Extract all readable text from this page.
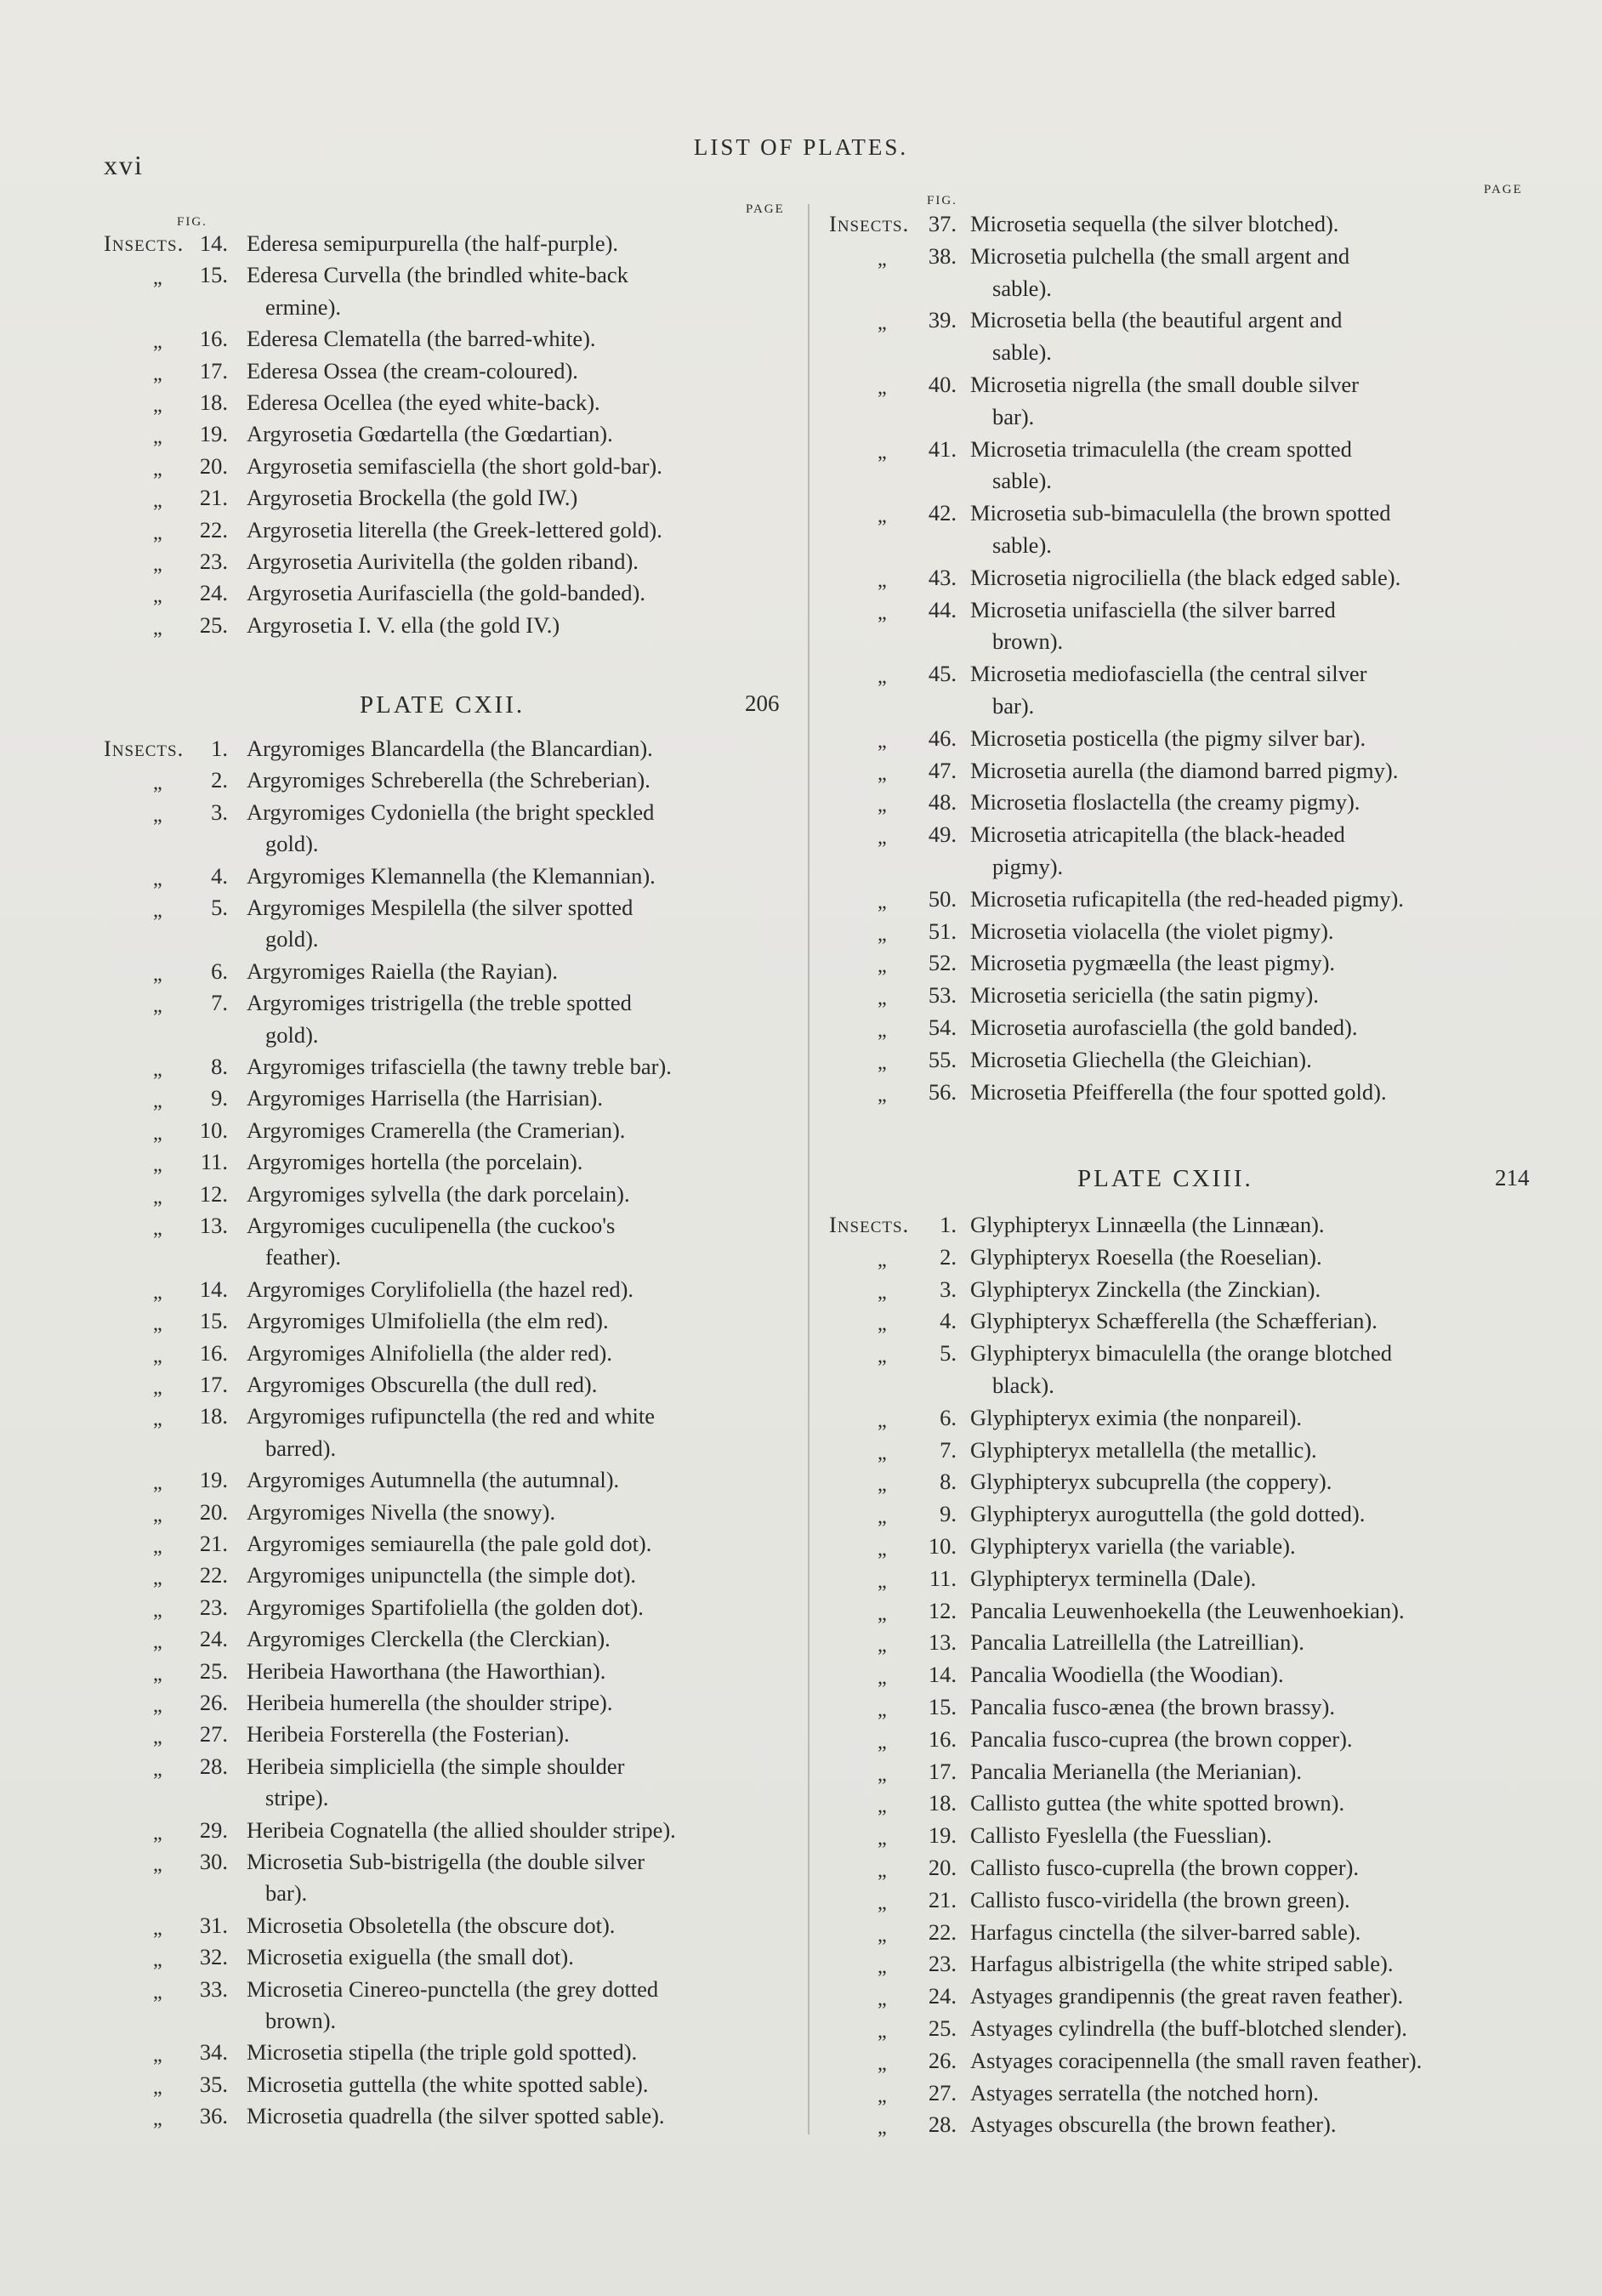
xvi
LIST OF PLATES.
FIG.
PAGE
Insects. 14. Ederesa semipurpurella (the half-purple).
„	15. Ederesa Curvella (the brindled white-back
ermine).
„	16. Ederesa Clematella (the barred-white).
„	17. Ederesa Ossea (the cream-coloured).
„	18. Ederesa Ocellea (the eyed white-back).
„	19. Argyrosetia Gœdartella (the Gœdartian).
„	20. Argyrosetia semifasciella (the short gold-bar).
„	21. Argyrosetia Brockella (the gold IW.)
„	22. Argyrosetia literella (the Greek-lettered gold).
„	23. Argyrosetia Aurivitella (the golden riband).
„	24. Argyrosetia Aurifasciella (the gold-banded).
„	25. Argyrosetia I. V. ella (the gold IV.)
PLATE CXII.	206
Insects.	1. Argyromiges Blancardella (the Blancardian).
„	2. Argyromiges Schreberella (the Schreberian).
„	3. Argyromiges Cydoniella (the bright speckled
gold).
„	4. Argyromiges Klemannella (the Klemannian).
„	5. Argyromiges Mespilella (the silver spotted
gold).
„	6. Argyromiges Raiella (the Rayian).
„	7. Argyromiges tristrigella (the treble spotted
gold).
„	8. Argyromiges trifasciella (the tawny treble bar).
„	9. Argyromiges Harrisella (the Harrisian).
„	10. Argyromiges Cramerella (the Cramerian).
„	11. Argyromiges hortella (the porcelain).
„	12. Argyromiges sylvella (the dark porcelain).
„	13. Argyromiges cuculipenella (the cuckoo's
feather).
„	14. Argyromiges Corylifoliella (the hazel red).
„	15. Argyromiges Ulmifoliella (the elm red).
„	16. Argyromiges Alnifoliella (the alder red).
„	17. Argyromiges Obscurella (the dull red).
„	18. Argyromiges rufipunctella (the red and white
barred).
„	19. Argyromiges Autumnella (the autumnal).
„	20. Argyromiges Nivella (the snowy).
„	21. Argyromiges semiaurella (the pale gold dot).
„	22. Argyromiges unipunctella (the simple dot).
„	23. Argyromiges Spartifoliella (the golden dot).
„	24. Argyromiges Clerckella (the Clerckian).
„	25. Heribeia Haworthana (the Haworthian).
„	26. Heribeia humerella (the shoulder stripe).
„	27. Heribeia Forsterella (the Fosterian).
„	28. Heribeia simpliciella (the simple shoulder
stripe).
„	29. Heribeia Cognatella (the allied shoulder stripe).
„	30. Microsetia Sub-bistrigella (the double silver
bar).
„	31. Microsetia Obsoletella (the obscure dot).
„	32. Microsetia exiguella (the small dot).
„	33. Microsetia Cinereo-punctella (the grey dotted
brown).
„	34. Microsetia stipella (the triple gold spotted).
„	35. Microsetia guttella (the white spotted sable).
„	36. Microsetia quadrella (the silver spotted sable).
FIG.
PAGE
Insects. 37. Microsetia sequella (the silver blotched).
„	38. Microsetia pulchella (the small argent and
sable).
„	39. Microsetia bella (the beautiful argent and
sable).
„	40. Microsetia nigrella (the small double silver
bar).
„	41. Microsetia trimaculella (the cream spotted
sable).
„	42. Microsetia sub-bimaculella (the brown spotted
sable).
„	43. Microsetia nigrociliella (the black edged sable).
„	44. Microsetia unifasciella (the silver barred
brown).
„	45. Microsetia mediofasciella (the central silver
bar).
„	46. Microsetia posticella (the pigmy silver bar).
„	47. Microsetia aurella (the diamond barred pigmy).
„	48. Microsetia floslactella (the creamy pigmy).
„	49. Microsetia atricapitella (the black-headed
pigmy).
„	50. Microsetia ruficapitella (the red-headed pigmy).
„	51. Microsetia violacella (the violet pigmy).
„	52. Microsetia pygmæella (the least pigmy).
„	53. Microsetia sericiella (the satin pigmy).
„	54. Microsetia aurofasciella (the gold banded).
„	55. Microsetia Gliechella (the Gleichian).
„	56. Microsetia Pfeifferella (the four spotted gold).
PLATE CXIII.	214
Insects.	1. Glyphipteryx Linnæella (the Linnæan).
„	2. Glyphipteryx Roesella (the Roeselian).
„	3. Glyphipteryx Zinckella (the Zinckian).
„	4. Glyphipteryx Schæfferella (the Schæfferian).
„	5. Glyphipteryx bimaculella (the orange blotched
black).
„	6. Glyphipteryx eximia (the nonpareil).
„	7. Glyphipteryx metallella (the metallic).
„	8. Glyphipteryx subcuprella (the coppery).
„	9. Glyphipteryx auroguttella (the gold dotted).
„	10. Glyphipteryx variella (the variable).
„	11. Glyphipteryx terminella (Dale).
„	12. Pancalia Leuwenhoekella (the Leuwenhoekian).
„	13. Pancalia Latreillella (the Latreillian).
„	14. Pancalia Woodiella (the Woodian).
„	15. Pancalia fusco-ænea (the brown brassy).
„	16. Pancalia fusco-cuprea (the brown copper).
„	17. Pancalia Merianella (the Merianian).
„	18. Callisto guttea (the white spotted brown).
„	19. Callisto Fyeslella (the Fuesslian).
„	20. Callisto fusco-cuprella (the brown copper).
„	21. Callisto fusco-viridella (the brown green).
„	22. Harfagus cinctella (the silver-barred sable).
„	23. Harfagus albistrigella (the white striped sable).
„	24. Astyages grandipennis (the great raven feather).
„	25. Astyages cylindrella (the buff-blotched slender).
„	26. Astyages coracipennella (the small raven feather).
„	27. Astyages serratella (the notched horn).
„	28. Astyages obscurella (the brown feather).
